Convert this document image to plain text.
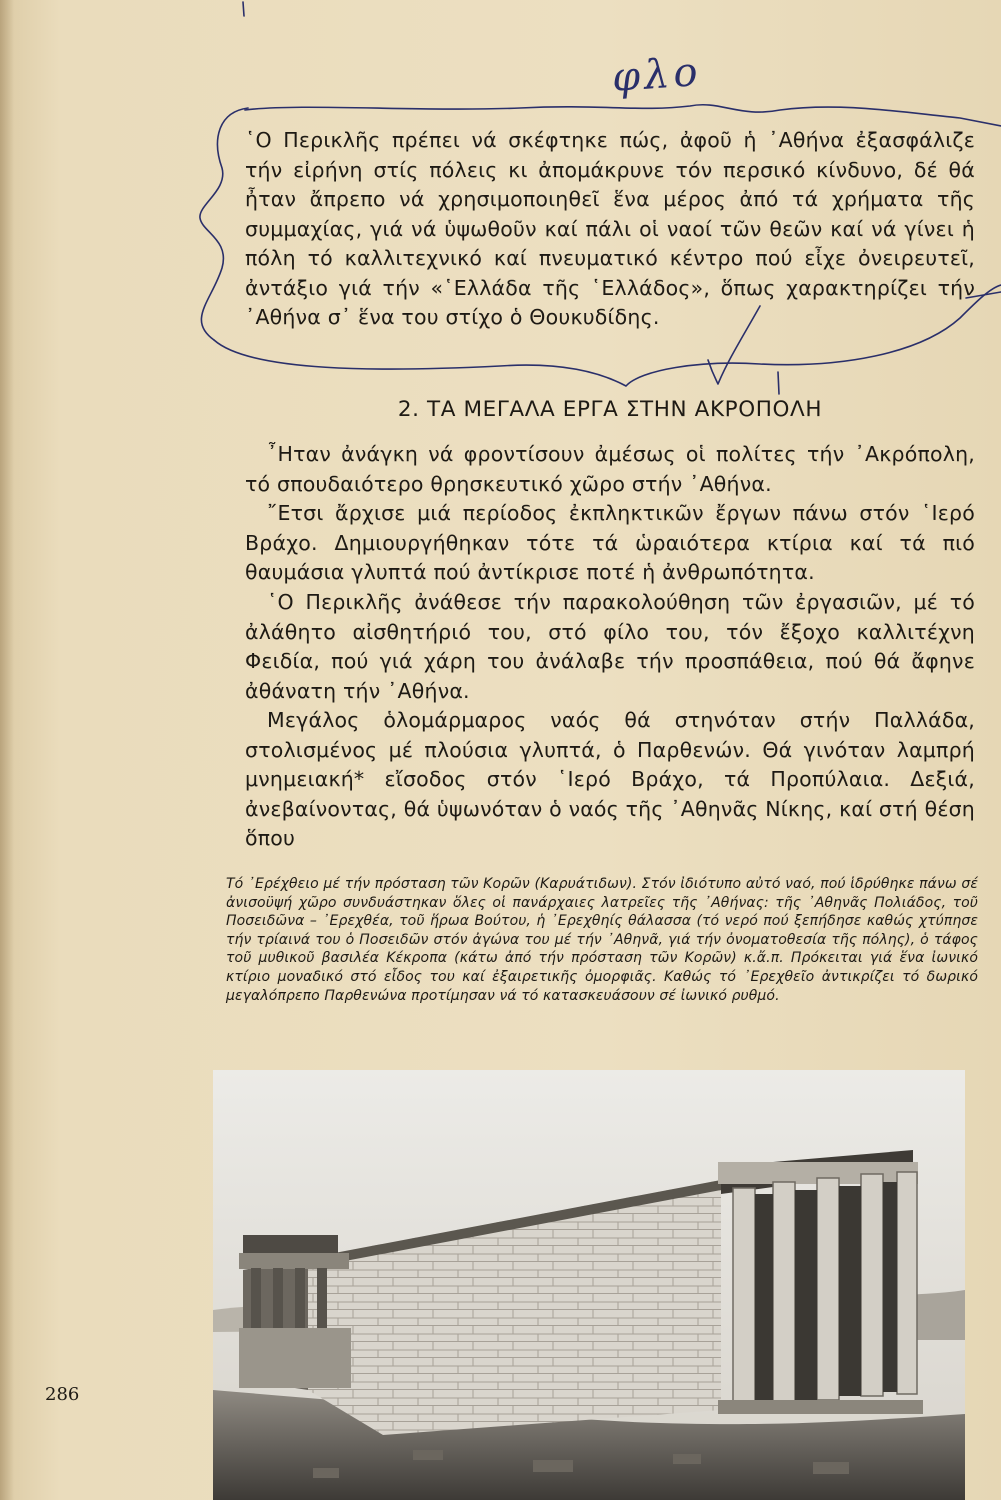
​
῾Ο Περικλῆς πρέπει νά σκέφτηκε πώς, ἀφοῦ ἡ ᾿Αθήνα ἐξασφάλιζε τήν εἰρήνη στίς πόλεις κι ἀπομάκρυνε τόν περσικό κίνδυνο, δέ θά ἦταν ἄπρεπο νά χρησιμοποιηθεῖ ἕνα μέρος ἀπό τά χρήματα τῆς συμμαχίας, γιά νά ὑψωθοῦν καί πάλι οἱ ναοί τῶν θεῶν καί νά γίνει ἡ πόλη τό καλλιτεχνικό καί πνευματικό κέντρο πού εἶχε ὀνειρευτεῖ, ἀντάξιο γιά τήν «῾Ελλάδα τῆς ῾Ελλάδος», ὅπως χαρακτηρίζει τήν ᾿Αθήνα σ᾿ ἕνα του στίχο ὁ Θουκυδίδης.
2. ΤΑ ΜΕΓΑΛΑ ΕΡΓΑ ΣΤΗΝ ΑΚΡΟΠΟΛΗ
῏Ηταν ἀνάγκη νά φροντίσουν ἀμέσως οἱ πολίτες τήν ᾿Ακρόπολη, τό σπουδαιότερο θρησκευτικό χῶρο στήν ᾿Αθήνα.
῎Ετσι ἄρχισε μιά περίοδος ἐκπληκτικῶν ἔργων πάνω στόν ῾Ιερό Βράχο. Δημιουργήθηκαν τότε τά ὡραιότερα κτίρια καί τά πιό θαυμάσια γλυπτά πού ἀντίκρισε ποτέ ἡ ἀνθρωπότητα.
῾Ο Περικλῆς ἀνάθεσε τήν παρακολούθηση τῶν ἐργασιῶν, μέ τό ἀλάθητο αἰσθητήριό του, στό φίλο του, τόν ἔξοχο καλλιτέχνη Φειδία, πού γιά χάρη του ἀνάλαβε τήν προσπάθεια, πού θά ἄφηνε ἀθάνατη τήν ᾿Αθήνα.
Μεγάλος ὁλομάρμαρος ναός θά στηνόταν στήν Παλλάδα, στολισμένος μέ πλούσια γλυπτά, ὁ Παρθενών. Θά γινόταν λαμπρή μνημειακή* εἴσοδος στόν ῾Ιερό Βράχο, τά Προπύλαια. Δεξιά, ἀνεβαίνοντας, θά ὑψωνόταν ὁ ναός τῆς ᾿Αθηνᾶς Νίκης, καί στή θέση ὅπου
Τό ᾿Ερέχθειο μέ τήν πρόσταση τῶν Κορῶν (Καρυάτιδων). Στόν ἰδιότυπο αὐτό ναό, πού ἱδρύθηκε πάνω σέ ἀνισοϋψή χῶρο συνδυάστηκαν ὅλες οἱ πανάρχαιες λατρεῖες τῆς ᾿Αθήνας: τῆς ᾿Αθηνᾶς Πολιάδος, τοῦ Ποσειδῶνα – ᾿Ερεχθέα, τοῦ ἥρωα Βούτου, ἡ ᾿Ερεχθηίς θάλασσα (τό νερό πού ξεπήδησε καθώς χτύπησε τήν τρίαινά του ὁ Ποσειδῶν στόν ἀγώνα του μέ τήν ᾿Αθηνᾶ, γιά τήν ὀνοματοθεσία τῆς πόλης), ὁ τάφος τοῦ μυθικοῦ βασιλέα Κέκροπα (κάτω ἀπό τήν πρόσταση τῶν Κορῶν) κ.ἄ.π. Πρόκειται γιά ἕνα ἰωνικό κτίριο μοναδικό στό εἶδος του καί ἐξαιρετικῆς ὀμορφιᾶς. Καθώς τό ᾿Ερεχθεῖο ἀντικρίζει τό δωρικό μεγαλόπρεπο Παρθενώνα προτίμησαν νά τό κατασκευάσουν σέ ἰωνικό ρυθμό.
φλο
286
